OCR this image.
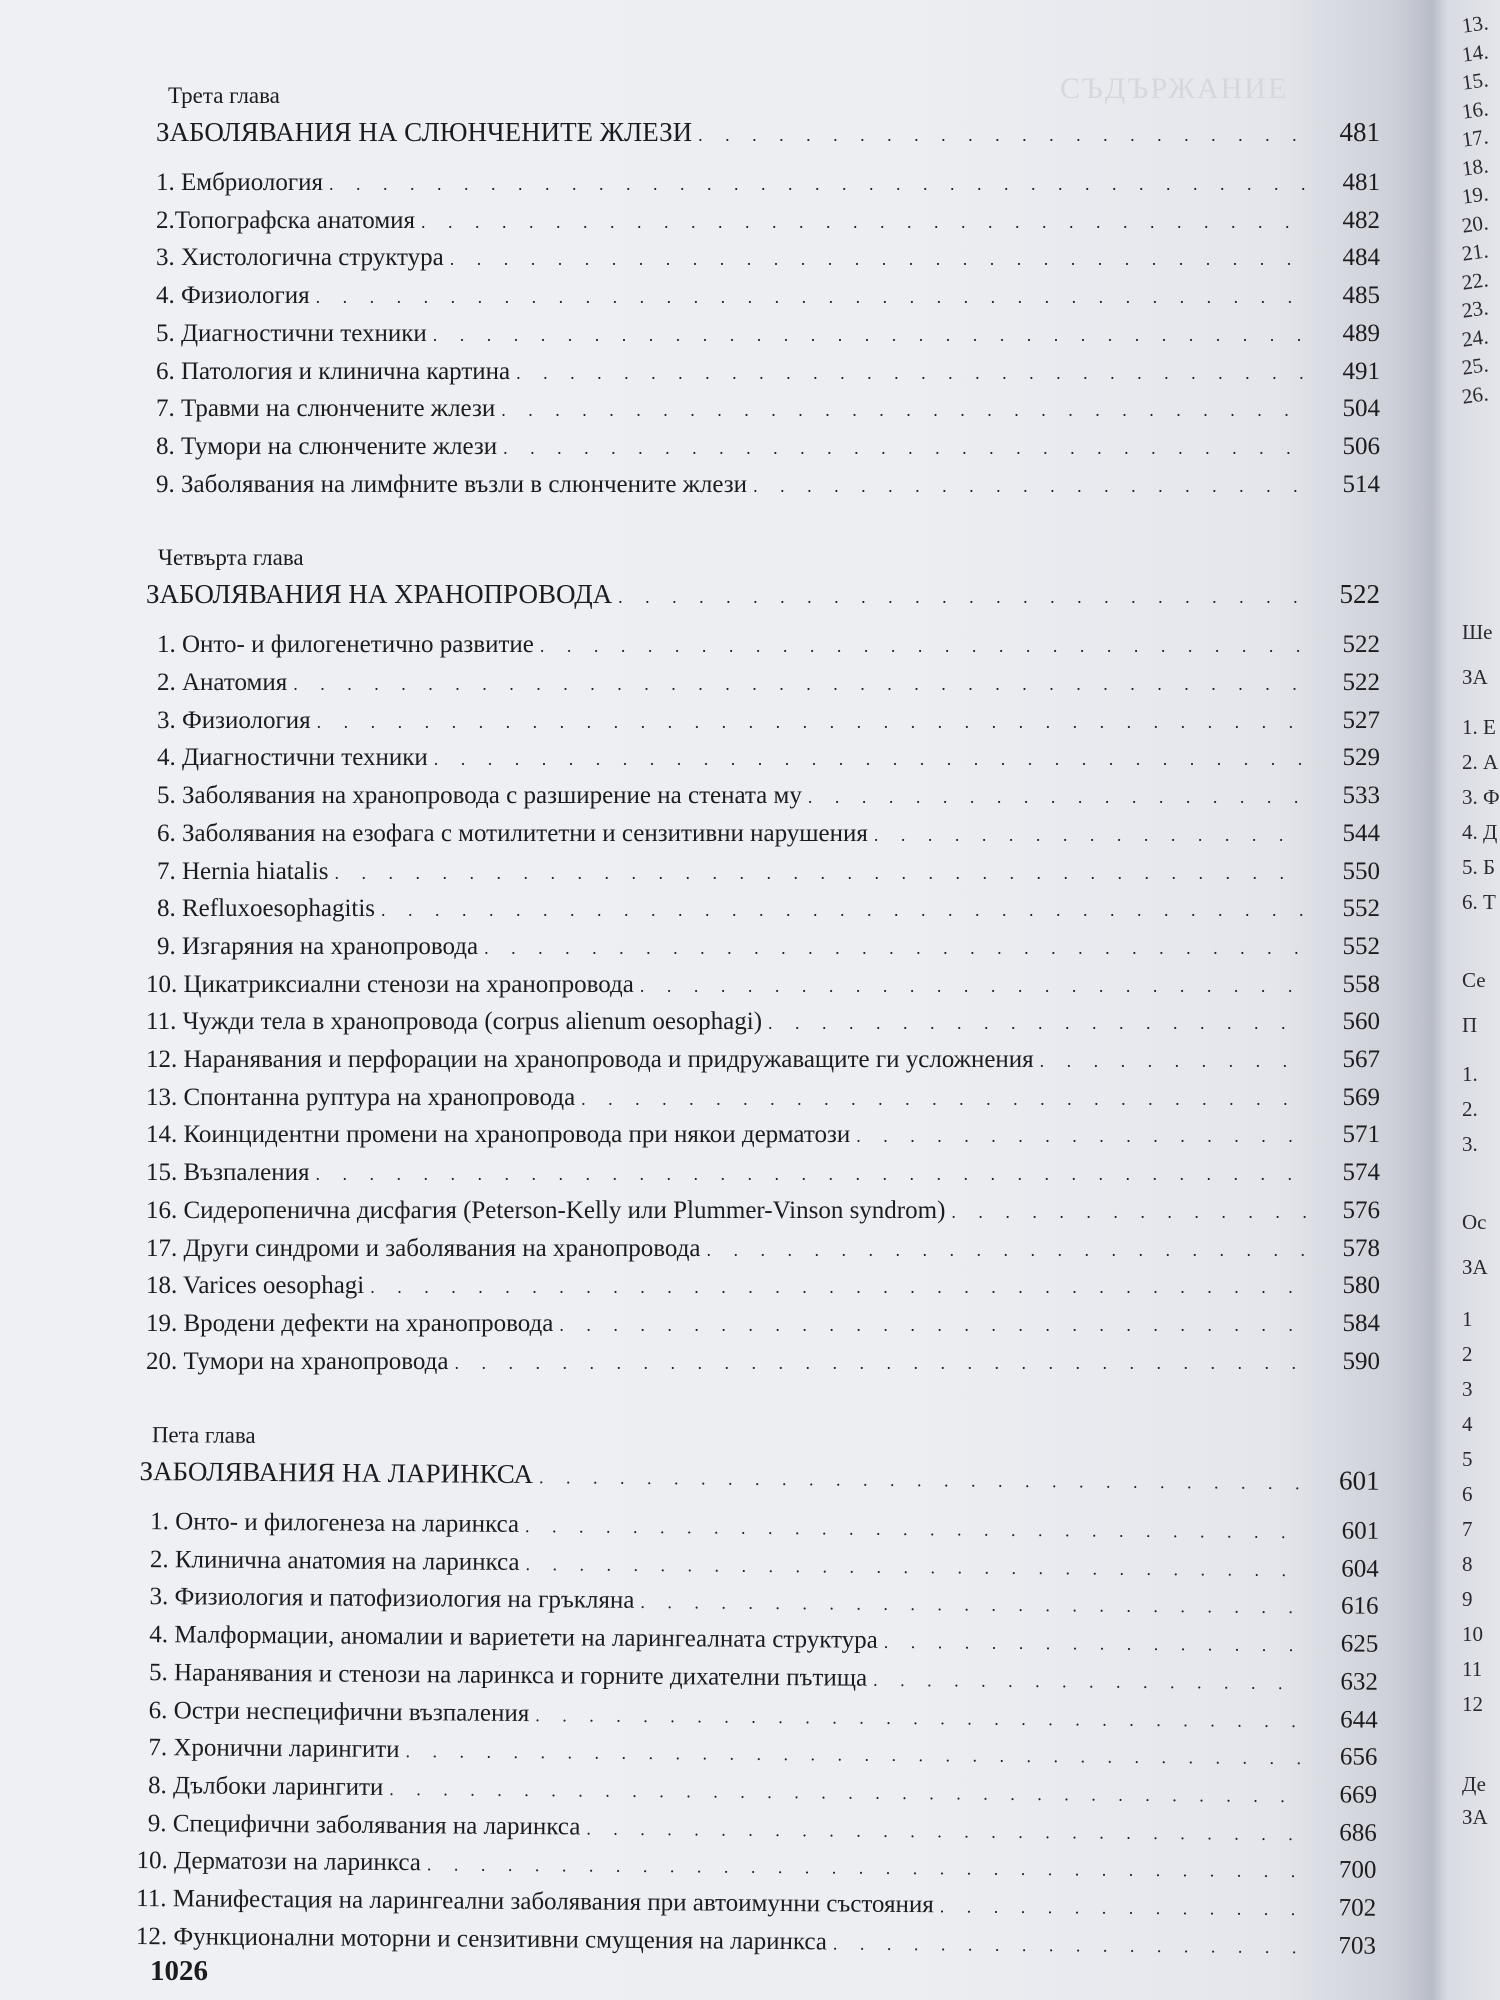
СЪДЪРЖАНИЕ
Трета глава
ЗАБОЛЯВАНИЯ НА СЛЮНЧЕНИТЕ ЖЛЕЗИ . . .	481
1. Ембриология . . .	481
2.Топографска анатомия . . .	482
3. Хистологична структура . . .	484
4. Физиология . . .	485
5. Диагностични техники . . .	489
6. Патология и клинична картина . . .	491
7. Травми на слюнчените жлези . . .	504
8. Тумори на слюнчените жлези . . .	506
9. Заболявания на лимфните възли в слюнчените жлези . . .	514
Четвърта глава
ЗАБОЛЯВАНИЯ НА ХРАНОПРОВОДА . . .	522
1. Онто- и филогенетично развитие . . .	522
2. Анатомия . . .	522
3. Физиология . . .	527
4. Диагностични техники . . .	529
5. Заболявания на хранопровода с разширение на стената му . . .	533
6. Заболявания на езофага с мотилитетни и сензитивни нарушения . . .	544
7. Hernia hiatalis . . .	550
8. Refluxoesophagitis . . .	552
9. Изгаряния на хранопровода . . .	552
10. Цикатриксиални стенози на хранопровода . . .	558
11. Чужди тела в хранопровода (corpus alienum oesophagi) . . .	560
12. Наранявания и перфорации на хранопровода и придружаващите ги усложнения . . .	567
13. Спонтанна руптура на хранопровода . . .	569
14. Коинцидентни промени на хранопровода при някои дерматози . . .	571
15. Възпаления . . .	574
16. Сидеропенична дисфагия (Peterson-Kelly или Plummer-Vinson syndrom) . . .	576
17. Други синдроми и заболявания на хранопровода . . .	578
18. Varices oesophagi . . .	580
19. Вродени дефекти на хранопровода . . .	584
20. Тумори на хранопровода . . .	590
Пета глава
ЗАБОЛЯВАНИЯ НА ЛАРИНКСА . . .	601
1. Онто- и филогенеза на ларинкса . . .	601
2. Клинична анатомия на ларинкса . . .	604
3. Физиология и патофизиология на гръкляна . . .	616
4. Малформации, аномалии и вариетети на ларингеалната структура . . .	625
5. Наранявания и стенози на ларинкса и горните дихателни пътища . . .	632
6. Остри неспецифични възпаления . . .	644
7. Хронични ларингити . . .	656
8. Дълбоки ларингити . . .	669
9. Специфични заболявания на ларинкса . . .	686
10. Дерматози на ларинкса . . .	700
11. Манифестация на ларингеални заболявания при автоимунни състояния . . .	702
12. Функционални моторни и сензитивни смущения на ларинкса . . .	703
1026
13.
14.
15.
16.
17.
18.
19.
20.
21.
22.
23.
24.
25.
26.
Ше
ЗА
1. Е
2. А
3. Ф
4. Д
5. Б
6. Т
Се
П
1.
2.
3.
Ос
ЗА
1
2
3
4
5
6
7
8
9
10
11
12
Де
ЗА
